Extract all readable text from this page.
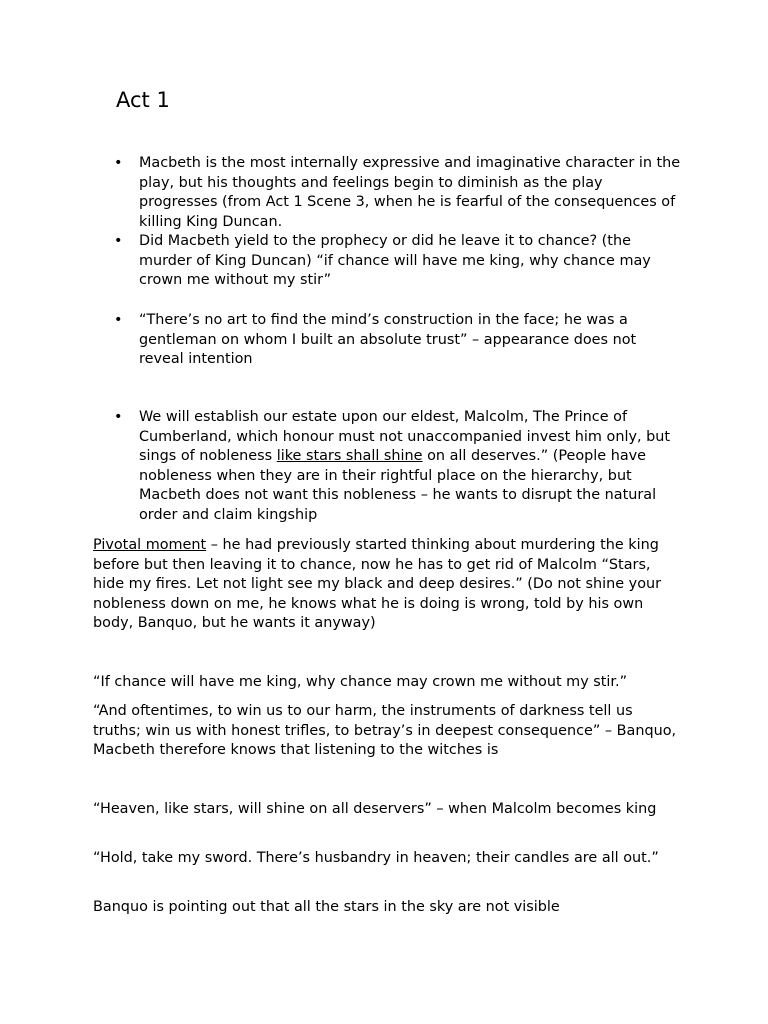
Act 1
• Macbeth is the most internally expressive and imaginative character in the play, but his thoughts and feelings begin to diminish as the play progresses (from Act 1 Scene 3, when he is fearful of the consequences of killing King Duncan.
• Did Macbeth yield to the prophecy or did he leave it to chance? (the murder of King Duncan) “if chance will have me king, why chance may crown me without my stir”
• “There’s no art to find the mind’s construction in the face; he was a gentleman on whom I built an absolute trust” – appearance does not reveal intention
• We will establish our estate upon our eldest, Malcolm, The Prince of Cumberland, which honour must not unaccompanied invest him only, but sings of nobleness like stars shall shine on all deserves.” (People have nobleness when they are in their rightful place on the hierarchy, but Macbeth does not want this nobleness – he wants to disrupt the natural order and claim kingship

Pivotal moment – he had previously started thinking about murdering the king before but then leaving it to chance, now he has to get rid of Malcolm “Stars, hide my fires. Let not light see my black and deep desires.” (Do not shine your nobleness down on me, he knows what he is doing is wrong, told by his own body, Banquo, but he wants it anyway)

“If chance will have me king, why chance may crown me without my stir.”

“And oftentimes, to win us to our harm, the instruments of darkness tell us truths; win us with honest trifles, to betray’s in deepest consequence” – Banquo, Macbeth therefore knows that listening to the witches is

“Heaven, like stars, will shine on all deservers” – when Malcolm becomes king

“Hold, take my sword. There’s husbandry in heaven; their candles are all out.”

Banquo is pointing out that all the stars in the sky are not visible
